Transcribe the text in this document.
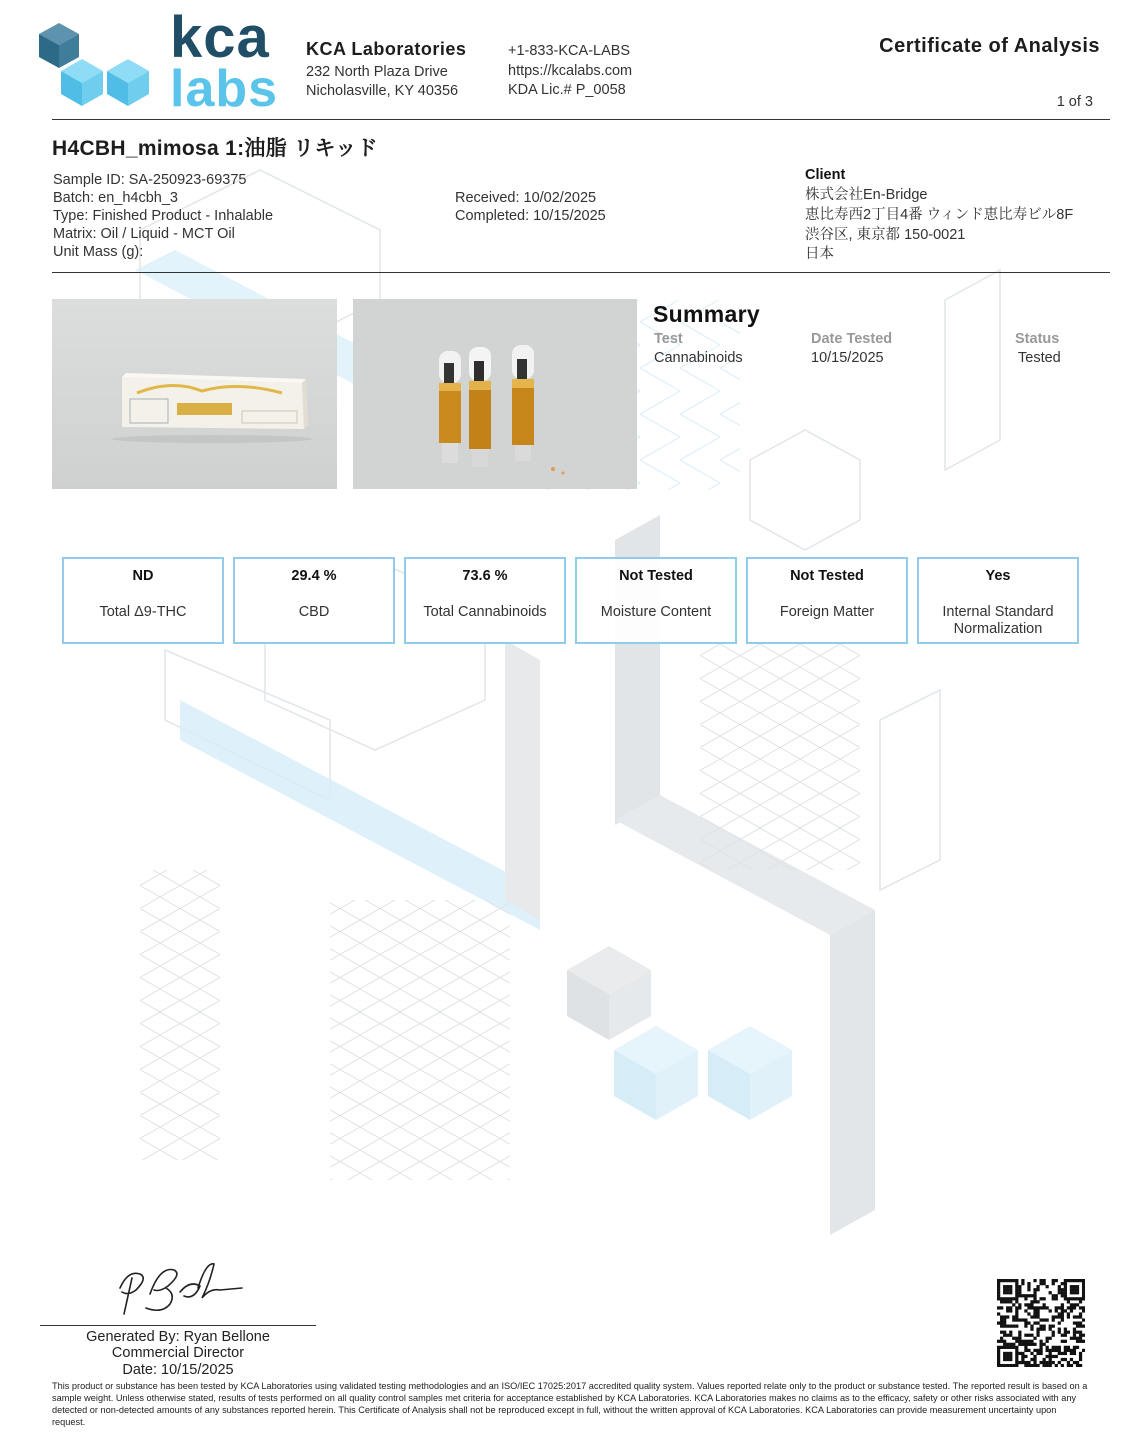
kca
labs
KCA Laboratories
232 North Plaza Drive
Nicholasville, KY 40356
+1-833-KCA-LABS
https://kcalabs.com
KDA Lic.# P_0058
Certificate of Analysis
1 of 3
H4CBH_mimosa 1:油脂 リキッド
Sample ID: SA-250923-69375
Batch: en_h4cbh_3
Type: Finished Product - Inhalable
Matrix: Oil / Liquid - MCT Oil
Unit Mass (g):
Received: 10/02/2025
Completed: 10/15/2025
Client
株式会社En-Bridge
恵比寿西2丁目4番 ウィンド恵比寿ビル8F
渋谷区, 東京都 150-0021
日本
Summary
Test	Date Tested	Status
Cannabinoids	10/15/2025	Tested
ND
Total Δ9-THC
29.4 %
CBD
73.6 %
Total Cannabinoids
Not Tested
Moisture Content
Not Tested
Foreign Matter
Yes
Internal Standard Normalization
Generated By: Ryan Bellone
Commercial Director
Date: 10/15/2025
This product or substance has been tested by KCA Laboratories using validated testing methodologies and an ISO/IEC 17025:2017 accredited quality system. Values reported relate only to the product or substance tested. The reported result is based on a sample weight. Unless otherwise stated, results of tests performed on all quality control samples met criteria for acceptance established by KCA Laboratories. KCA Laboratories makes no claims as to the efficacy, safety or other risks associated with any detected or non-detected amounts of any substances reported herein. This Certificate of Analysis shall not be reproduced except in full, without the written approval of KCA Laboratories. KCA Laboratories can provide measurement uncertainty upon request.
